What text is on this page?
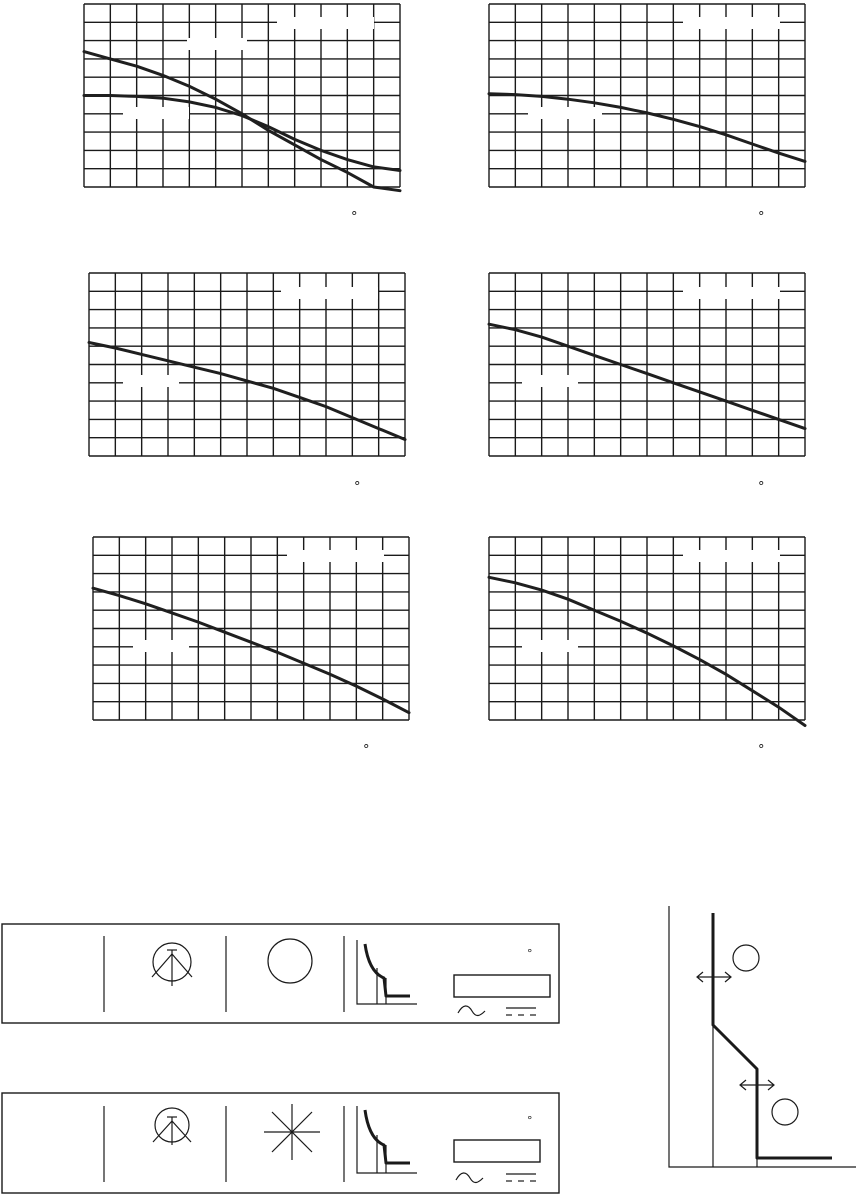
°	°
°	°
°	°
°
°
